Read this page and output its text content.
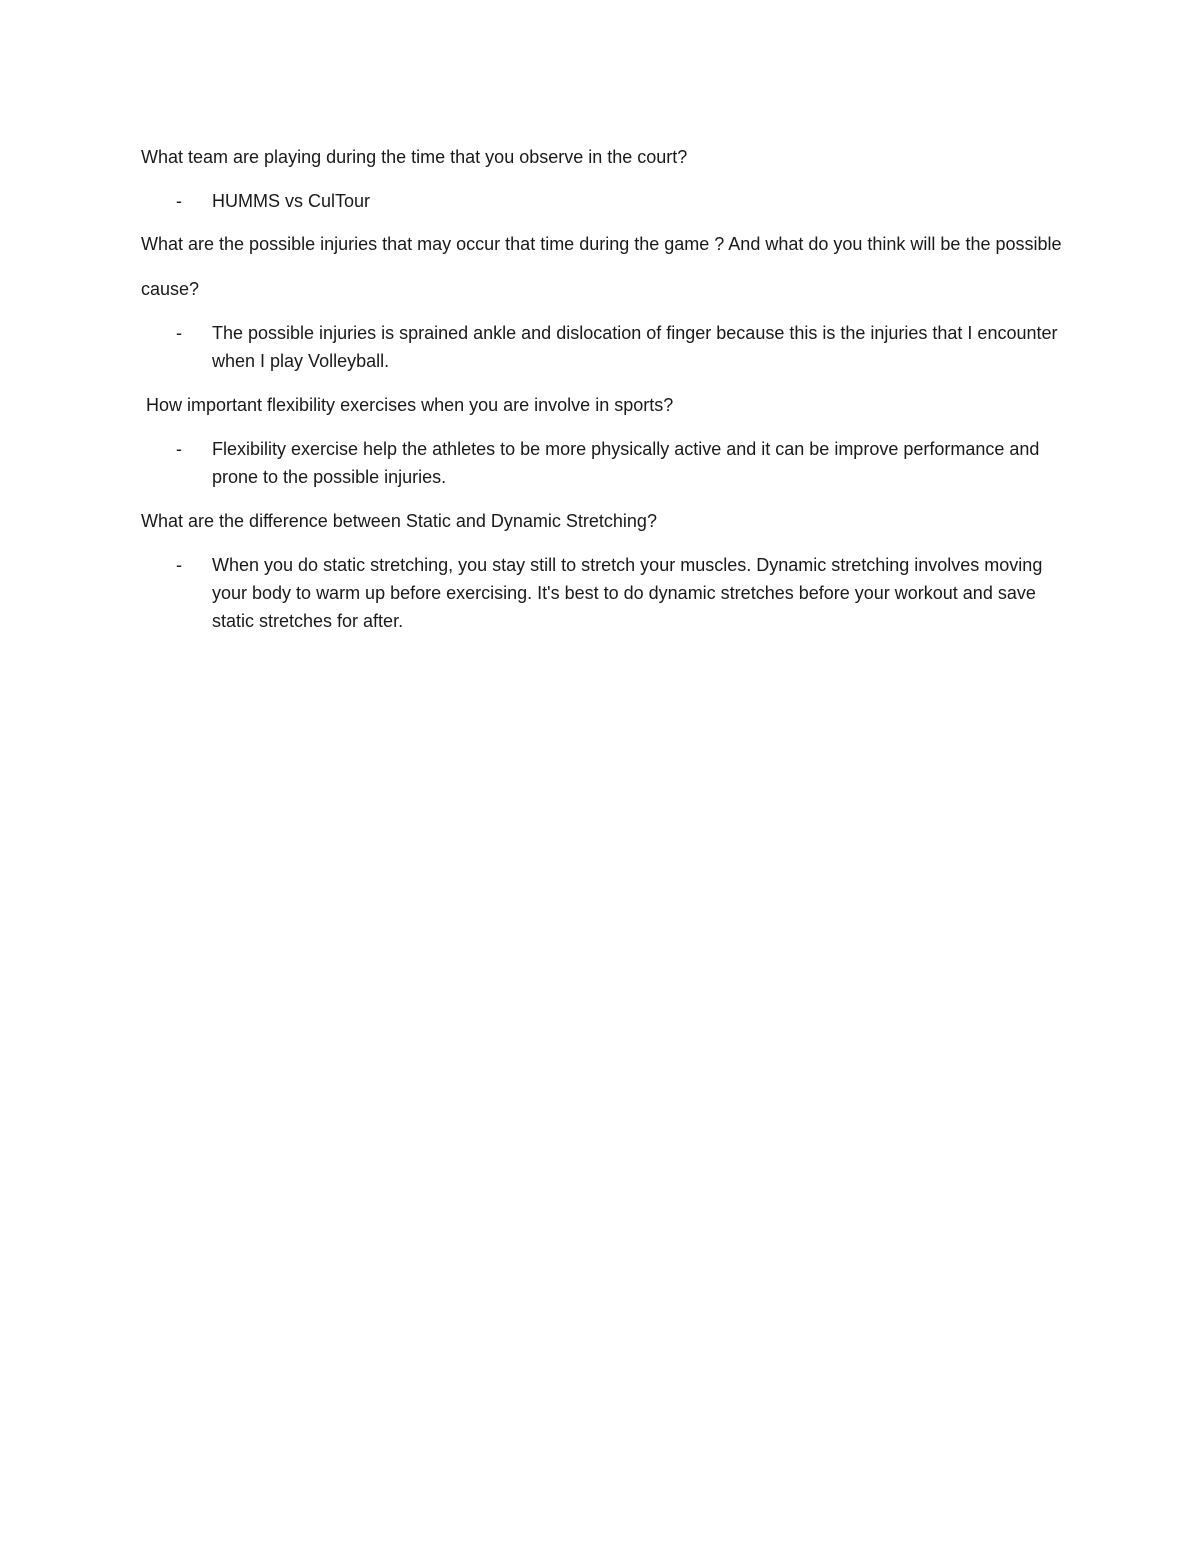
What team are playing during the time that you observe in the court?

- HUMMS vs CulTour

What are the possible injuries that may occur that time during the game ? And what do you think will be the possible cause?

- The possible injuries is sprained ankle and dislocation of finger because this is the injuries that I encounter when I play Volleyball.

How important flexibility exercises when you are involve in sports?

- Flexibility exercise help the athletes to be more physically active and it can be improve performance and prone to the possible injuries.

What are the difference between Static and Dynamic Stretching?

- When you do static stretching, you stay still to stretch your muscles. Dynamic stretching involves moving your body to warm up before exercising. It's best to do dynamic stretches before your workout and save static stretches for after.
